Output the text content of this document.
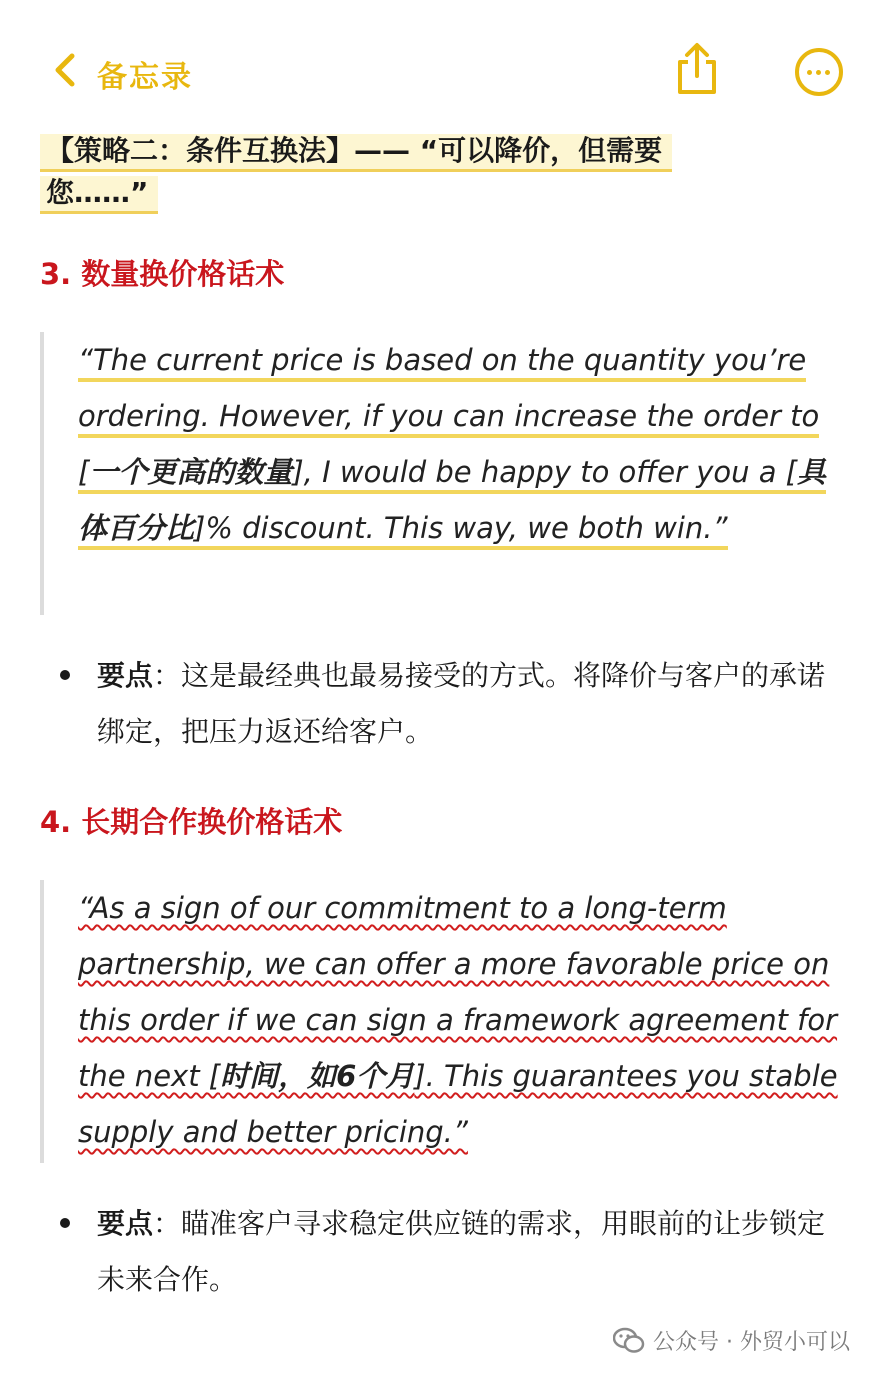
备忘录
【策略二：条件互换法】—— “可以降价，但需要您……”
3. 数量换价格话术
“The current price is based on the quantity you’re ordering. However, if you can increase the order to [一个更高的数量], I would be happy to offer you a [具体百分比]% discount. This way, we both win.”
要点：这是最经典也最易接受的方式。将降价与客户的承诺绑定，把压力返还给客户。
4. 长期合作换价格话术
“As a sign of our commitment to a long-term partnership, we can offer a more favorable price on this order if we can sign a framework agreement for the next [时间，如6个月]. This guarantees you stable supply and better pricing.”
要点：瞄准客户寻求稳定供应链的需求，用眼前的让步锁定未来合作。
公众号 · 外贸小可以
